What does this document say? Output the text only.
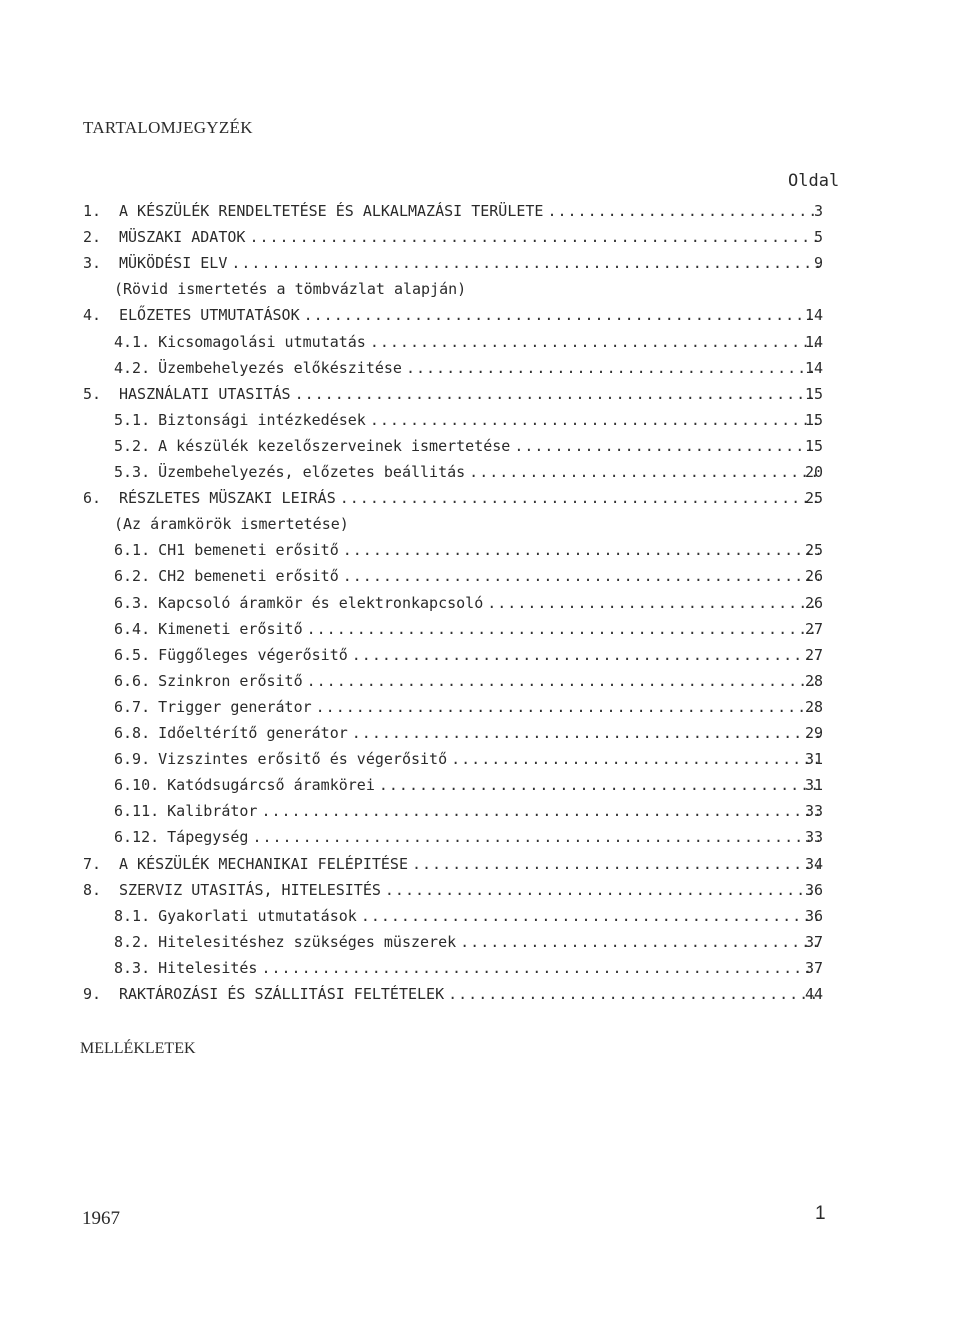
TARTALOMJEGYZÉK
Oldal
1.	A KÉSZÜLÉK RENDELTETÉSE ÉS ALKALMAZÁSI TERÜLETE .....	3
2.	MÜSZAKI ADATOK .....	5
3.	MÜKÖDÉSI ELV .....	9
(Rövid ismertetés a tömbvázlat alapján)
4.	ELŐZETES UTMUTATÁSOK .....	14
4.1. Kicsomagolási utmutatás .....	14
4.2. Üzembehelyezés előkészitése .....	14
5.	HASZNÁLATI UTASITÁS .....	15
5.1. Biztonsági intézkedések .....	15
5.2. A készülék kezelőszerveinek ismertetése .....	15
5.3. Üzembehelyezés, előzetes beállitás .....	20
6.	RÉSZLETES MÜSZAKI LEIRÁS .....	25
(Az áramkörök ismertetése)
6.1. CH1 bemeneti erősitő .....	25
6.2. CH2 bemeneti erősitő .....	26
6.3. Kapcsoló áramkör és elektronkapcsoló .....	26
6.4. Kimeneti erősitő .....	27
6.5. Függőleges végerősitő .....	27
6.6. Szinkron erősitő .....	28
6.7. Trigger generátor .....	28
6.8. Időeltérítő generátor .....	29
6.9. Vizszintes erősitő és végerősitő .....	31
6.10. Katódsugárcső áramkörei .....	31
6.11. Kalibrátor .....	33
6.12. Tápegység .....	33
7.	A KÉSZÜLÉK MECHANIKAI FELÉPITÉSE .....	34
8.	SZERVIZ UTASITÁS, HITELESITÉS .....	36
8.1. Gyakorlati utmutatások .....	36
8.2. Hitelesitéshez szükséges müszerek .....	37
8.3. Hitelesités .....	37
9.	RAKTÁROZÁSI ÉS SZÁLLITÁSI FELTÉTELEK .....	44
MELLÉKLETEK
1967	1
